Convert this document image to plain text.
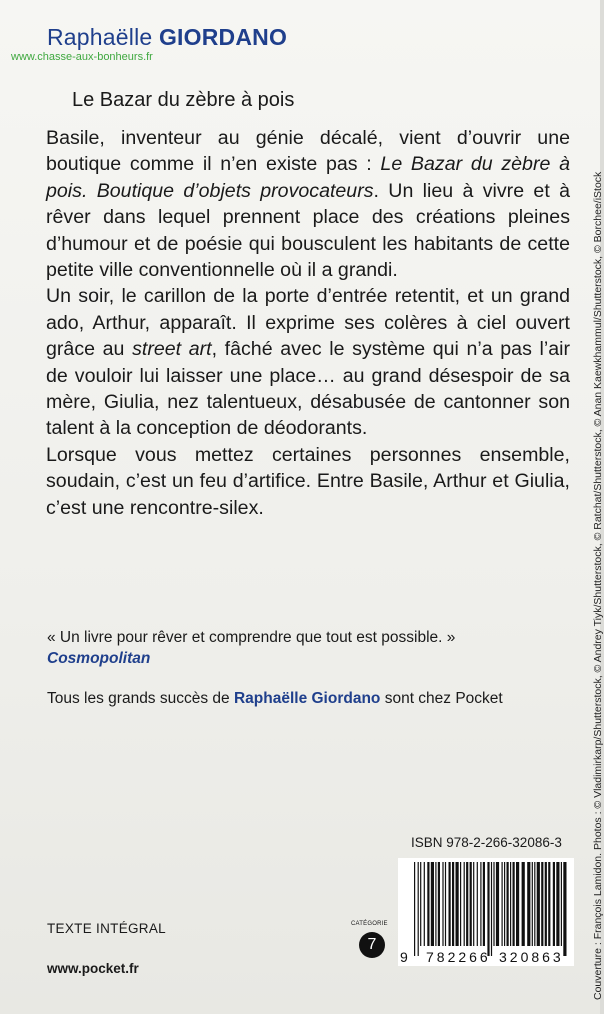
Raphaëlle GIORDANO
www.chasse-aux-bonheurs.fr
Le Bazar du zèbre à pois

Basile, inventeur au génie décalé, vient d’ouvrir une boutique comme il n’en existe pas : Le Bazar du zèbre à pois. Boutique d’objets provocateurs. Un lieu à vivre et à rêver dans lequel prennent place des créations pleines d’humour et de poésie qui bousculent les habitants de cette petite ville conventionnelle où il a grandi.

Un soir, le carillon de la porte d’entrée retentit, et un grand ado, Arthur, apparaît. Il exprime ses colères à ciel ouvert grâce au street art, fâché avec le système qui n’a pas l’air de vouloir lui laisser une place… au grand désespoir de sa mère, Giulia, nez talentueux, désabusée de cantonner son talent à la conception de déodorants.

Lorsque vous mettez certaines personnes ensemble, soudain, c’est un feu d’artifice. Entre Basile, Arthur et Giulia, c’est une rencontre-silex.

« Un livre pour rêver et comprendre que tout est possible. »
Cosmopolitan
Tous les grands succès de Raphaëlle Giordano sont chez Pocket
ISBN 978-2-266-32086-3
9 782266 320863
TEXTE INTÉGRAL
www.pocket.fr
CATÉGORIE
7	Couverture : François Lamidon. Photos : © Vladimirkarp/Shutterstock, © Andrey Tiyk/Shutterstock, © Ratchat/Shutterstock, © Anan Kaewkhammul/Shutterstock, © Borchee/iStock
